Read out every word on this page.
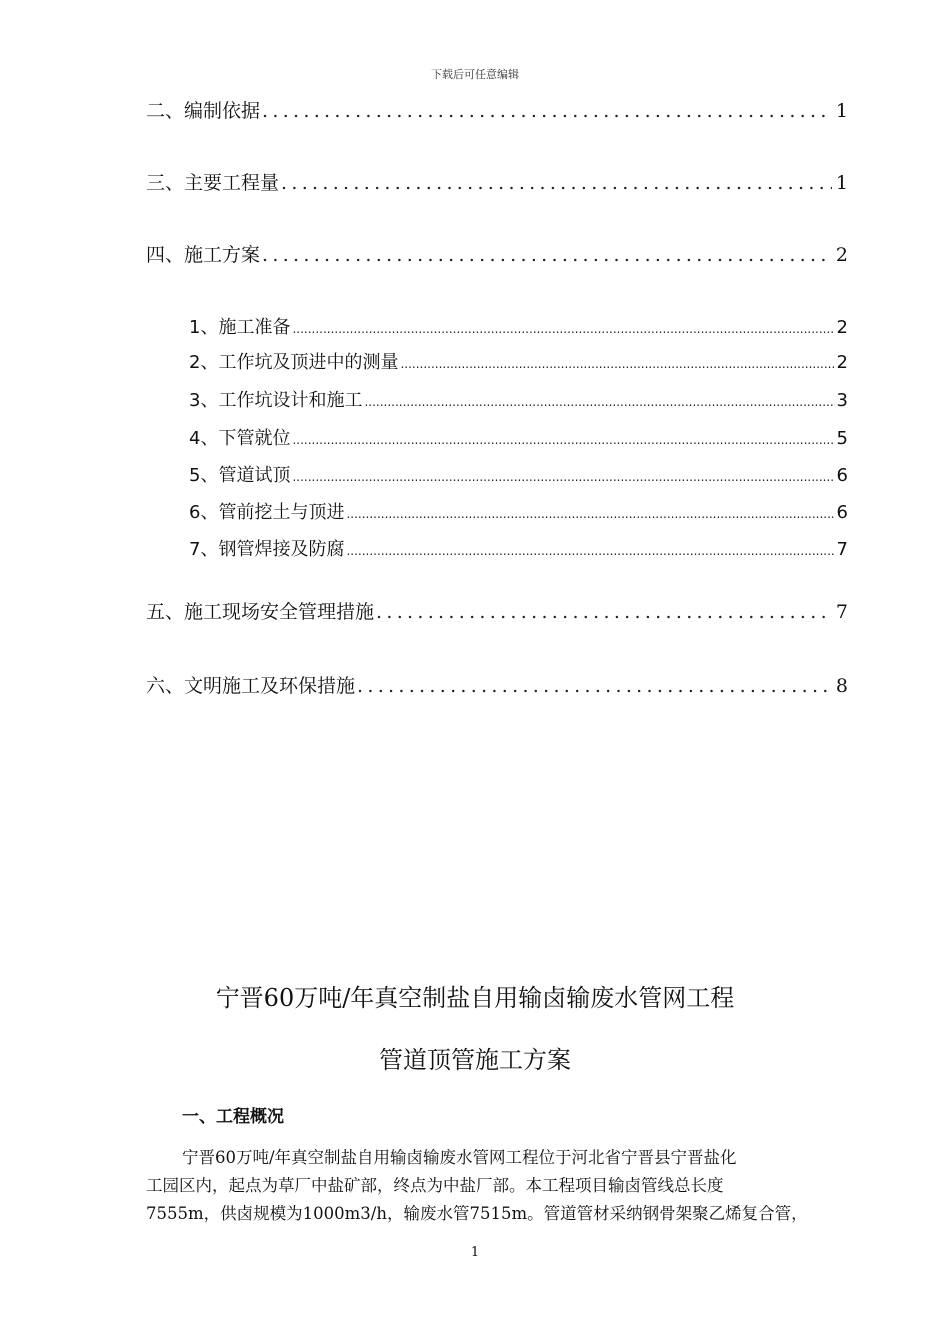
下载后可任意编辑
二、编制依据 .....	1
三、主要工程量 .....	1
四、施工方案 .....	2
1、施工准备 .....	2
2、工作坑及顶进中的测量 .....	2
3、工作坑设计和施工 .....	3
4、下管就位 .....	5
5、管道试顶 .....	6
6、管前挖土与顶进 .....	6
7、钢管焊接及防腐 .....	7
五、施工现场安全管理措施 .....	7
六、文明施工及环保措施 .....	8
宁晋60万吨/年真空制盐自用输卤输废水管网工程
管道顶管施工方案
一、工程概况
宁晋60万吨/年真空制盐自用输卤输废水管网工程位于河北省宁晋县宁晋盐化
工园区内，起点为草厂中盐矿部，终点为中盐厂部。本工程项目输卤管线总长度
7555m，供卤规模为1000m3/h，输废水管7515m。管道管材采纳钢骨架聚乙烯复合管，
1
